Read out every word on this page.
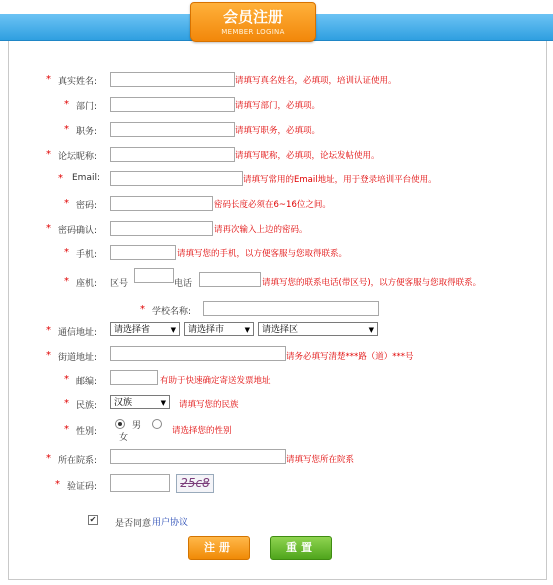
会员注册
MEMBER LOGINA
* 真实姓名:	请填写真名姓名，必填项，培训认证使用。
* 部门:	请填写部门，必填项。
* 职务:	请填写职务，必填项。
* 论坛昵称:	请填写昵称，必填项，论坛发帖使用。
* Email:	请填写常用的Email地址，用于登录培训平台使用。
* 密码:	密码长度必须在6~16位之间。
* 密码确认:	请再次输入上边的密码。
* 手机:	请填写您的手机，以方便客服与您取得联系。
* 座机: 区号	电话	请填写您的联系电话(带区号)，以方便客服与您取得联系。
* 学校名称:
* 通信地址:	请选择省	▼	请选择市	▼	请选择区	▼
* 街道地址:	请务必填写清楚***路（道）***号
* 邮编:	有助于快速确定寄送发票地址
* 民族:	汉族	▼ 请填写您的民族
* 性别:
男
女
请选择您的性别
* 所在院系:	请填写您所在院系
* 验证码:	25c8
✔ 是否同意 用户协议
注册	重置
